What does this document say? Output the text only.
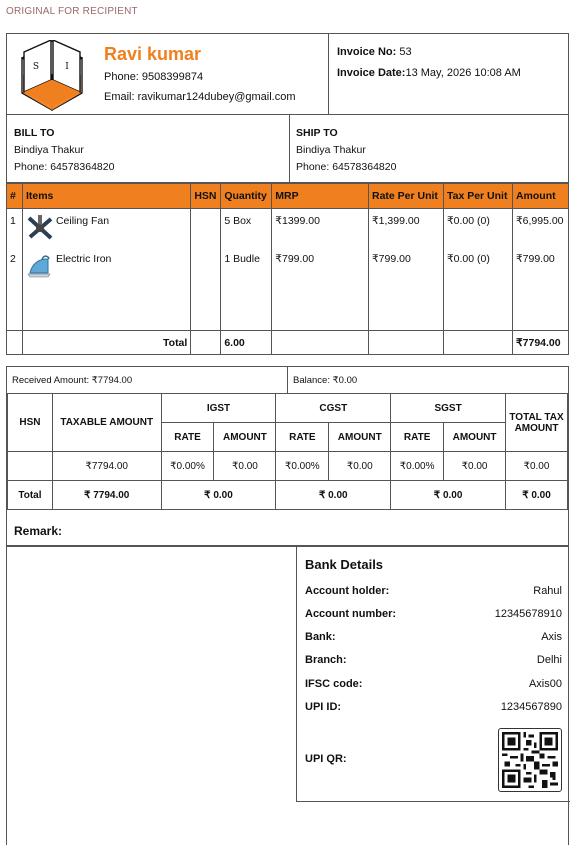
ORIGINAL FOR RECIPIENT
S	I
Ravi kumar
Phone: 9508399874
Email: ravikumar124dubey@gmail.com
Invoice No: 53
Invoice Date:13 May, 2026 10:08 AM
BILL TO
Bindiya Thakur
Phone: 64578364820
SHIP TO
Bindiya Thakur
Phone: 64578364820
#	Items	HSN	Quantity	MRP	Rate Per Unit	Tax Per Unit	Amount
1	Ceiling Fan		5 Box	₹1399.00	₹1,399.00	₹0.00 (0)	₹6,995.00
2	Electric Iron		1 Budle	₹799.00	₹799.00	₹0.00 (0)	₹799.00
	Total		6.00				₹7794.00
Received Amount: ₹7794.00	Balance: ₹0.00
HSN	TAXABLE AMOUNT	IGST		CGST		SGST		TOTAL TAX AMOUNT
		RATE	AMOUNT	RATE	AMOUNT	RATE	AMOUNT	
	₹7794.00	₹0.00%	₹0.00	₹0.00%	₹0.00	₹0.00%	₹0.00	₹0.00
Total	₹ 7794.00	₹ 0.00		₹ 0.00		₹ 0.00		₹ 0.00
Remark:
Bank Details
Account holder:	Rahul
Account number:	12345678910
Bank:	Axis
Branch:	Delhi
IFSC code:	Axis00
UPI ID:	1234567890
UPI QR:
